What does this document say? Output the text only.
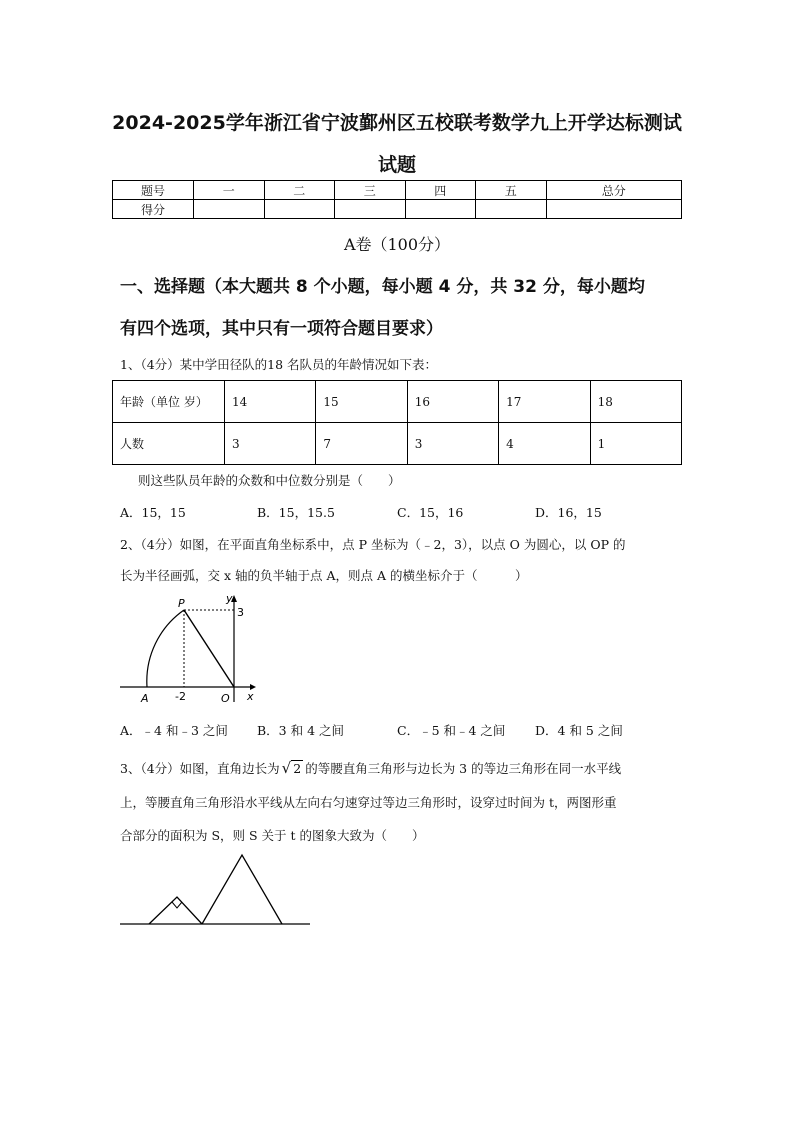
2024-2025学年浙江省宁波鄞州区五校联考数学九上开学达标测试
试题
题号	一	二	三	四	五	总分
得分						
A卷（100分）
一、选择题（本大题共 8 个小题，每小题 4 分，共 32 分，每小题均
有四个选项，其中只有一项符合题目要求）
1、（4分）某中学田径队的18 名队员的年龄情况如下表：
年龄（单位 岁）	14	15	16	17	18
人数	3	7	3	4	1
则这些队员年龄的众数和中位数分别是（　　）
A．15，15	B．15，15.5	C．15，16	D．16，15
2、（4分）如图，在平面直角坐标系中，点 P 坐标为（﹣2，3），以点 O 为圆心，以 OP 的
长为半径画弧，交 x 轴的负半轴于点 A，则点 A 的横坐标介于（　　　）
P	y
3
A -2	O x
A．﹣4 和﹣3 之间 B．3 和 4 之间	C．﹣5 和﹣4 之间 D．4 和 5 之间
3、（4分）如图，直角边长为 √ 2 的等腰直角三角形与边长为 3 的等边三角形在同一水平线
上，等腰直角三角形沿水平线从左向右匀速穿过等边三角形时，设穿过时间为 t，两图形重
合部分的面积为 S，则 S 关于 t 的图象大致为（　　）
